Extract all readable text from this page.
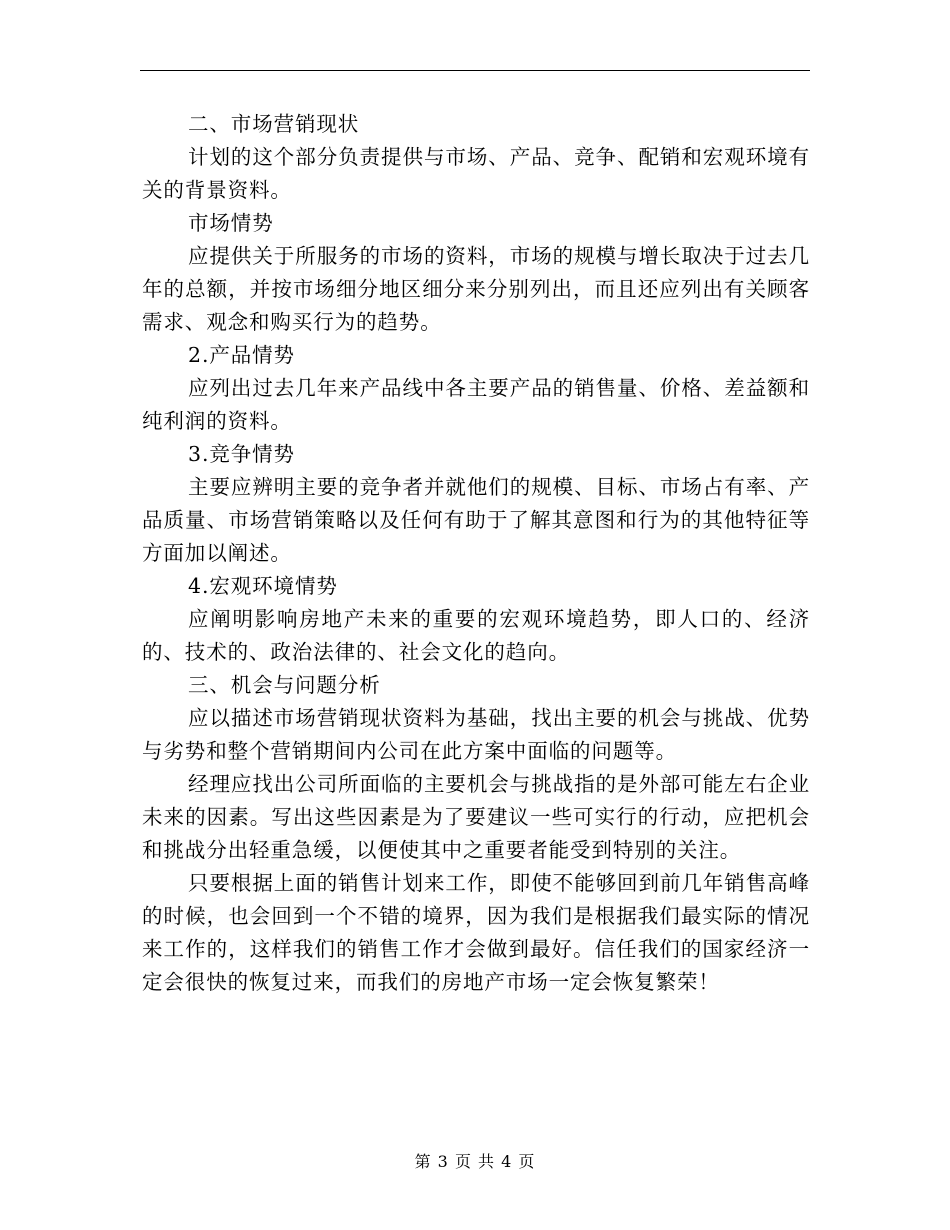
二、市场营销现状

计划的这个部分负责提供与市场、产品、竞争、配销和宏观环境有关的背景资料。

市场情势

应提供关于所服务的市场的资料，市场的规模与增长取决于过去几年的总额，并按市场细分地区细分来分别列出，而且还应列出有关顾客需求、观念和购买行为的趋势。

2.产品情势

应列出过去几年来产品线中各主要产品的销售量、价格、差益额和纯利润的资料。

3.竞争情势

主要应辨明主要的竞争者并就他们的规模、目标、市场占有率、产品质量、市场营销策略以及任何有助于了解其意图和行为的其他特征等方面加以阐述。

4.宏观环境情势

应阐明影响房地产未来的重要的宏观环境趋势，即人口的、经济的、技术的、政治法律的、社会文化的趋向。

三、机会与问题分析

应以描述市场营销现状资料为基础，找出主要的机会与挑战、优势与劣势和整个营销期间内公司在此方案中面临的问题等。

经理应找出公司所面临的主要机会与挑战指的是外部可能左右企业未来的因素。写出这些因素是为了要建议一些可实行的行动，应把机会和挑战分出轻重急缓，以便使其中之重要者能受到特别的关注。

只要根据上面的销售计划来工作，即使不能够回到前几年销售高峰的时候，也会回到一个不错的境界，因为我们是根据我们最实际的情况来工作的，这样我们的销售工作才会做到最好。信任我们的国家经济一定会很快的恢复过来，而我们的房地产市场一定会恢复繁荣！

第 3 页 共 4 页
